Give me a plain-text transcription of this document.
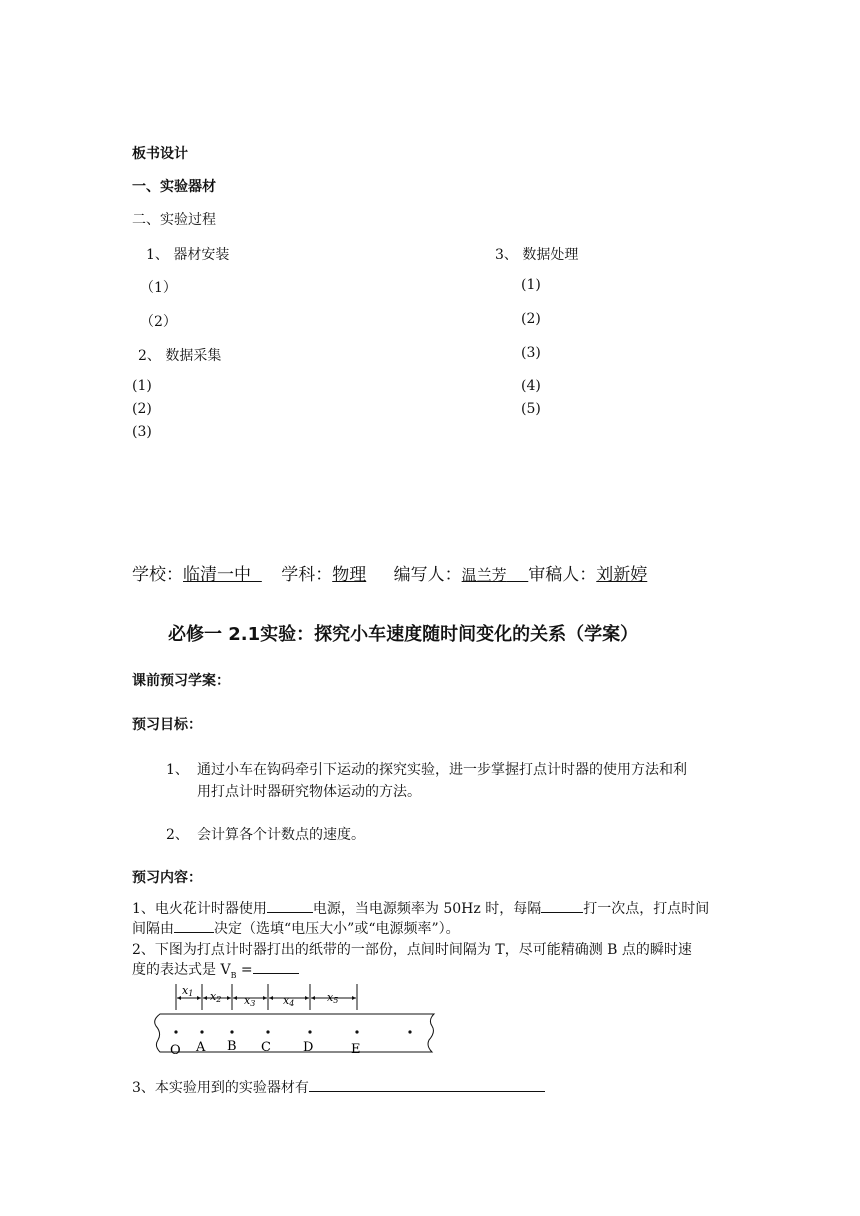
板书设计
一、实验器材
二、实验过程
1、 器材安装
（1）
（2）
2、 数据采集
(1)
(2)
(3)
3、 数据处理
(1)
(2)
(3)
(4)
(5)
学校：临清一中 学科：物理 编写人：温兰芳 审稿人：刘新婷
必修一 2.1实验：探究小车速度随时间变化的关系（学案）
课前预习学案：
预习目标：
1、 通过小车在钩码牵引下运动的探究实验，进一步掌握打点计时器的使用方法和利
用打点计时器研究物体运动的方法。
2、 会计算各个计数点的速度。
预习内容：
1、电火花计时器使用	电源，当电源频率为 50Hz 时，每隔	打一次点，打点时间
间隔由	决定（选填“电压大小”或“电源频率”）。
2、下图为打点计时器打出的纸带的一部份，点间时间隔为 T，尽可能精确测 B 点的瞬时速
度的表达式是 $V_B$ =
x1 x2 x3	x4	x5
O A B C D	E
3、本实验用到的实验器材有
